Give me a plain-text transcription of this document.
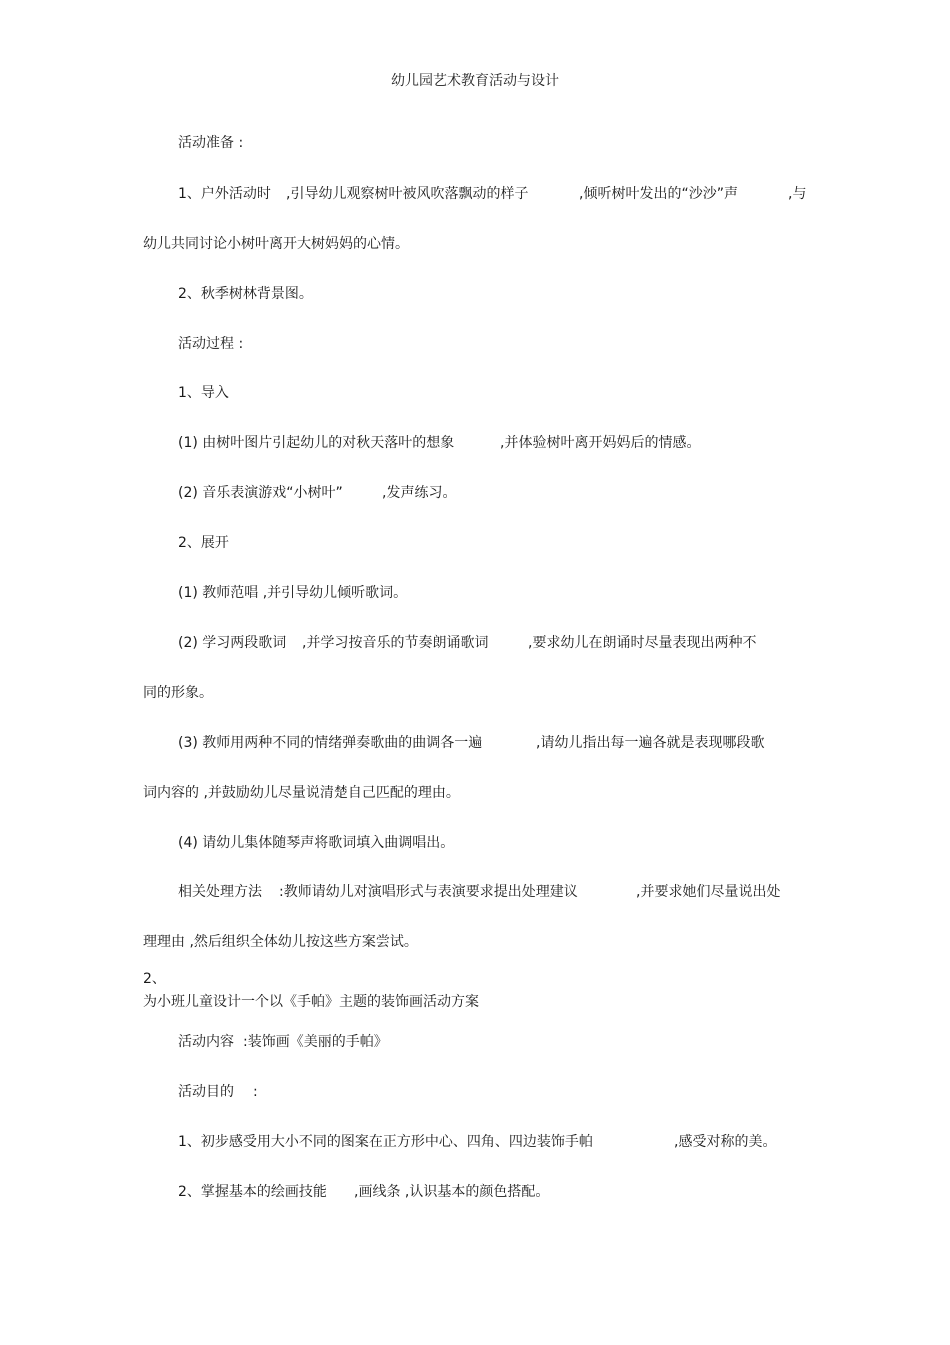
幼儿园艺术教育活动与设计
活动准备 :
1、户外活动时 ,引导幼儿观察树叶被风吹落飘动的样子	,倾听树叶发出的“沙沙”声	,与
幼儿共同讨论小树叶离开大树妈妈的心情。
2、秋季树林背景图。
活动过程 :
1、导入
(1) 由树叶图片引起幼儿的对秋天落叶的想象	,并体验树叶离开妈妈后的情感。
(2) 音乐表演游戏“小树叶”	,发声练习。
2、展开
(1) 教师范唱 ,并引导幼儿倾听歌词。
(2) 学习两段歌词 ,并学习按音乐的节奏朗诵歌词	,要求幼儿在朗诵时尽量表现出两种不
同的形象。
(3) 教师用两种不同的情绪弹奏歌曲的曲调各一遍	,请幼儿指出每一遍各就是表现哪段歌
词内容的 ,并鼓励幼儿尽量说清楚自己匹配的理由。
(4) 请幼儿集体随琴声将歌词填入曲调唱出。
相关处理方法 :教师请幼儿对演唱形式与表演要求提出处理建议	,并要求她们尽量说出处
理理由 ,然后组织全体幼儿按这些方案尝试。
2、
为小班儿童设计一个以《手帕》主题的装饰画活动方案
活动内容 :装饰画《美丽的手帕》
活动目的 :
1、初步感受用大小不同的图案在正方形中心、四角、四边装饰手帕	,感受对称的美。
2、掌握基本的绘画技能 ,画线条 ,认识基本的颜色搭配。
